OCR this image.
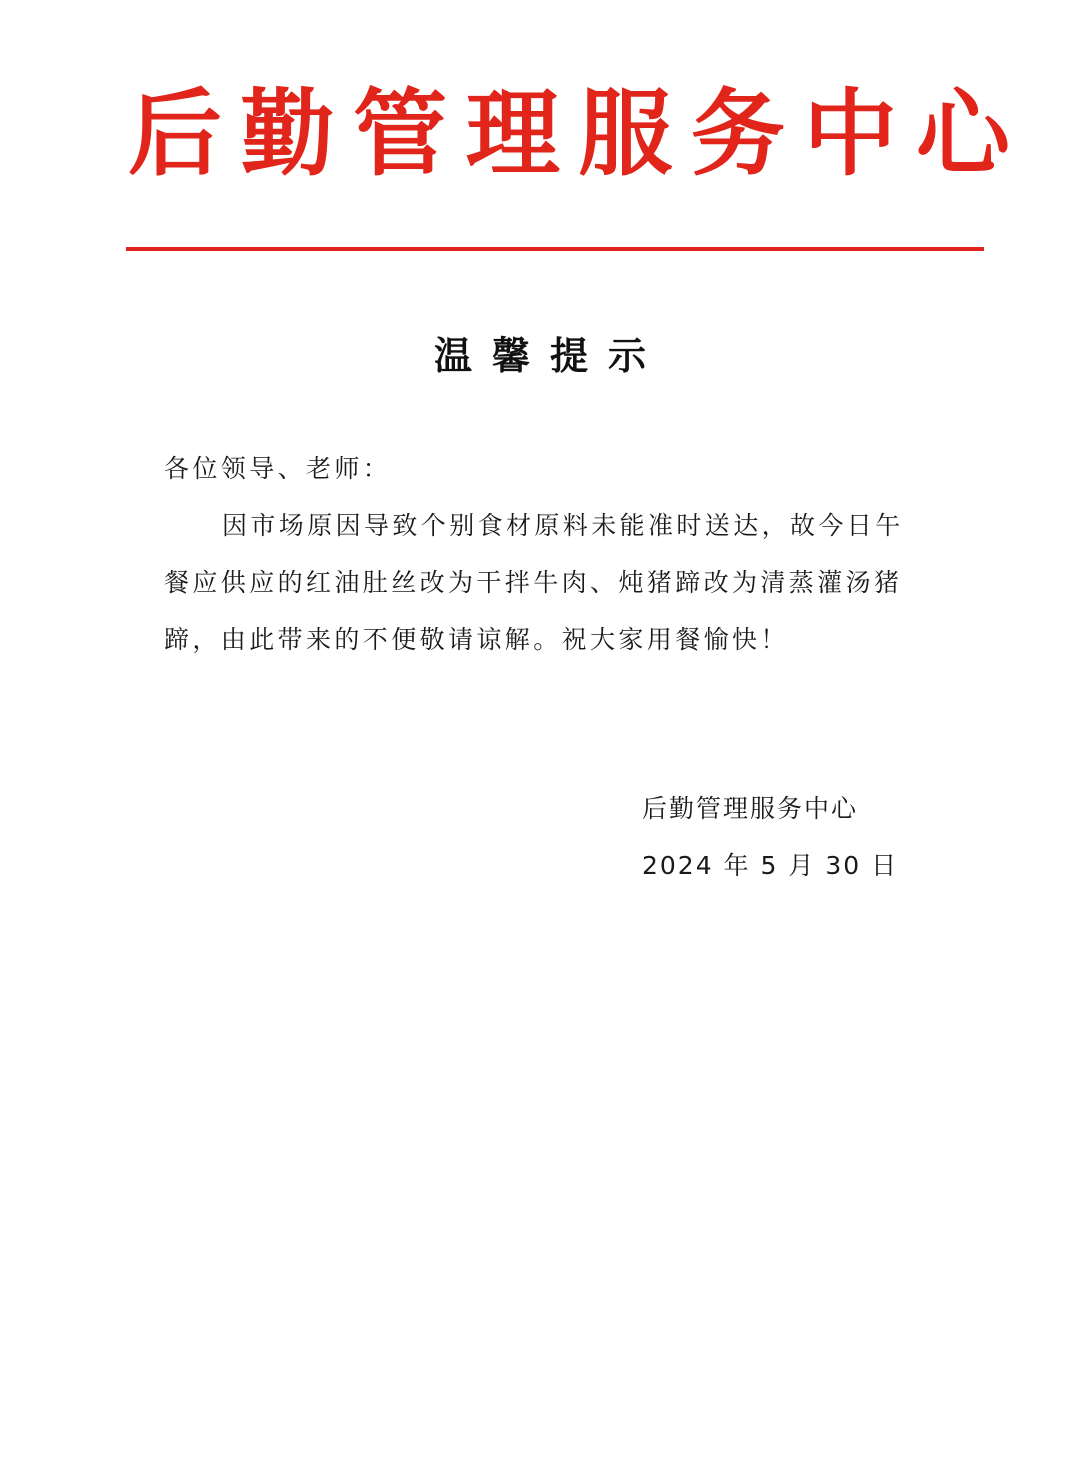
后 勤 管 理 服 务 中 心
温馨提示

各位领导、老师：

因市场原因导致个别食材原料未能准时送达，故今日午餐应供应的红油肚丝改为干拌牛肉、炖猪蹄改为清蒸灌汤猪蹄，由此带来的不便敬请谅解。祝大家用餐愉快！

后勤管理服务中心

2024 年 5 月 30 日
